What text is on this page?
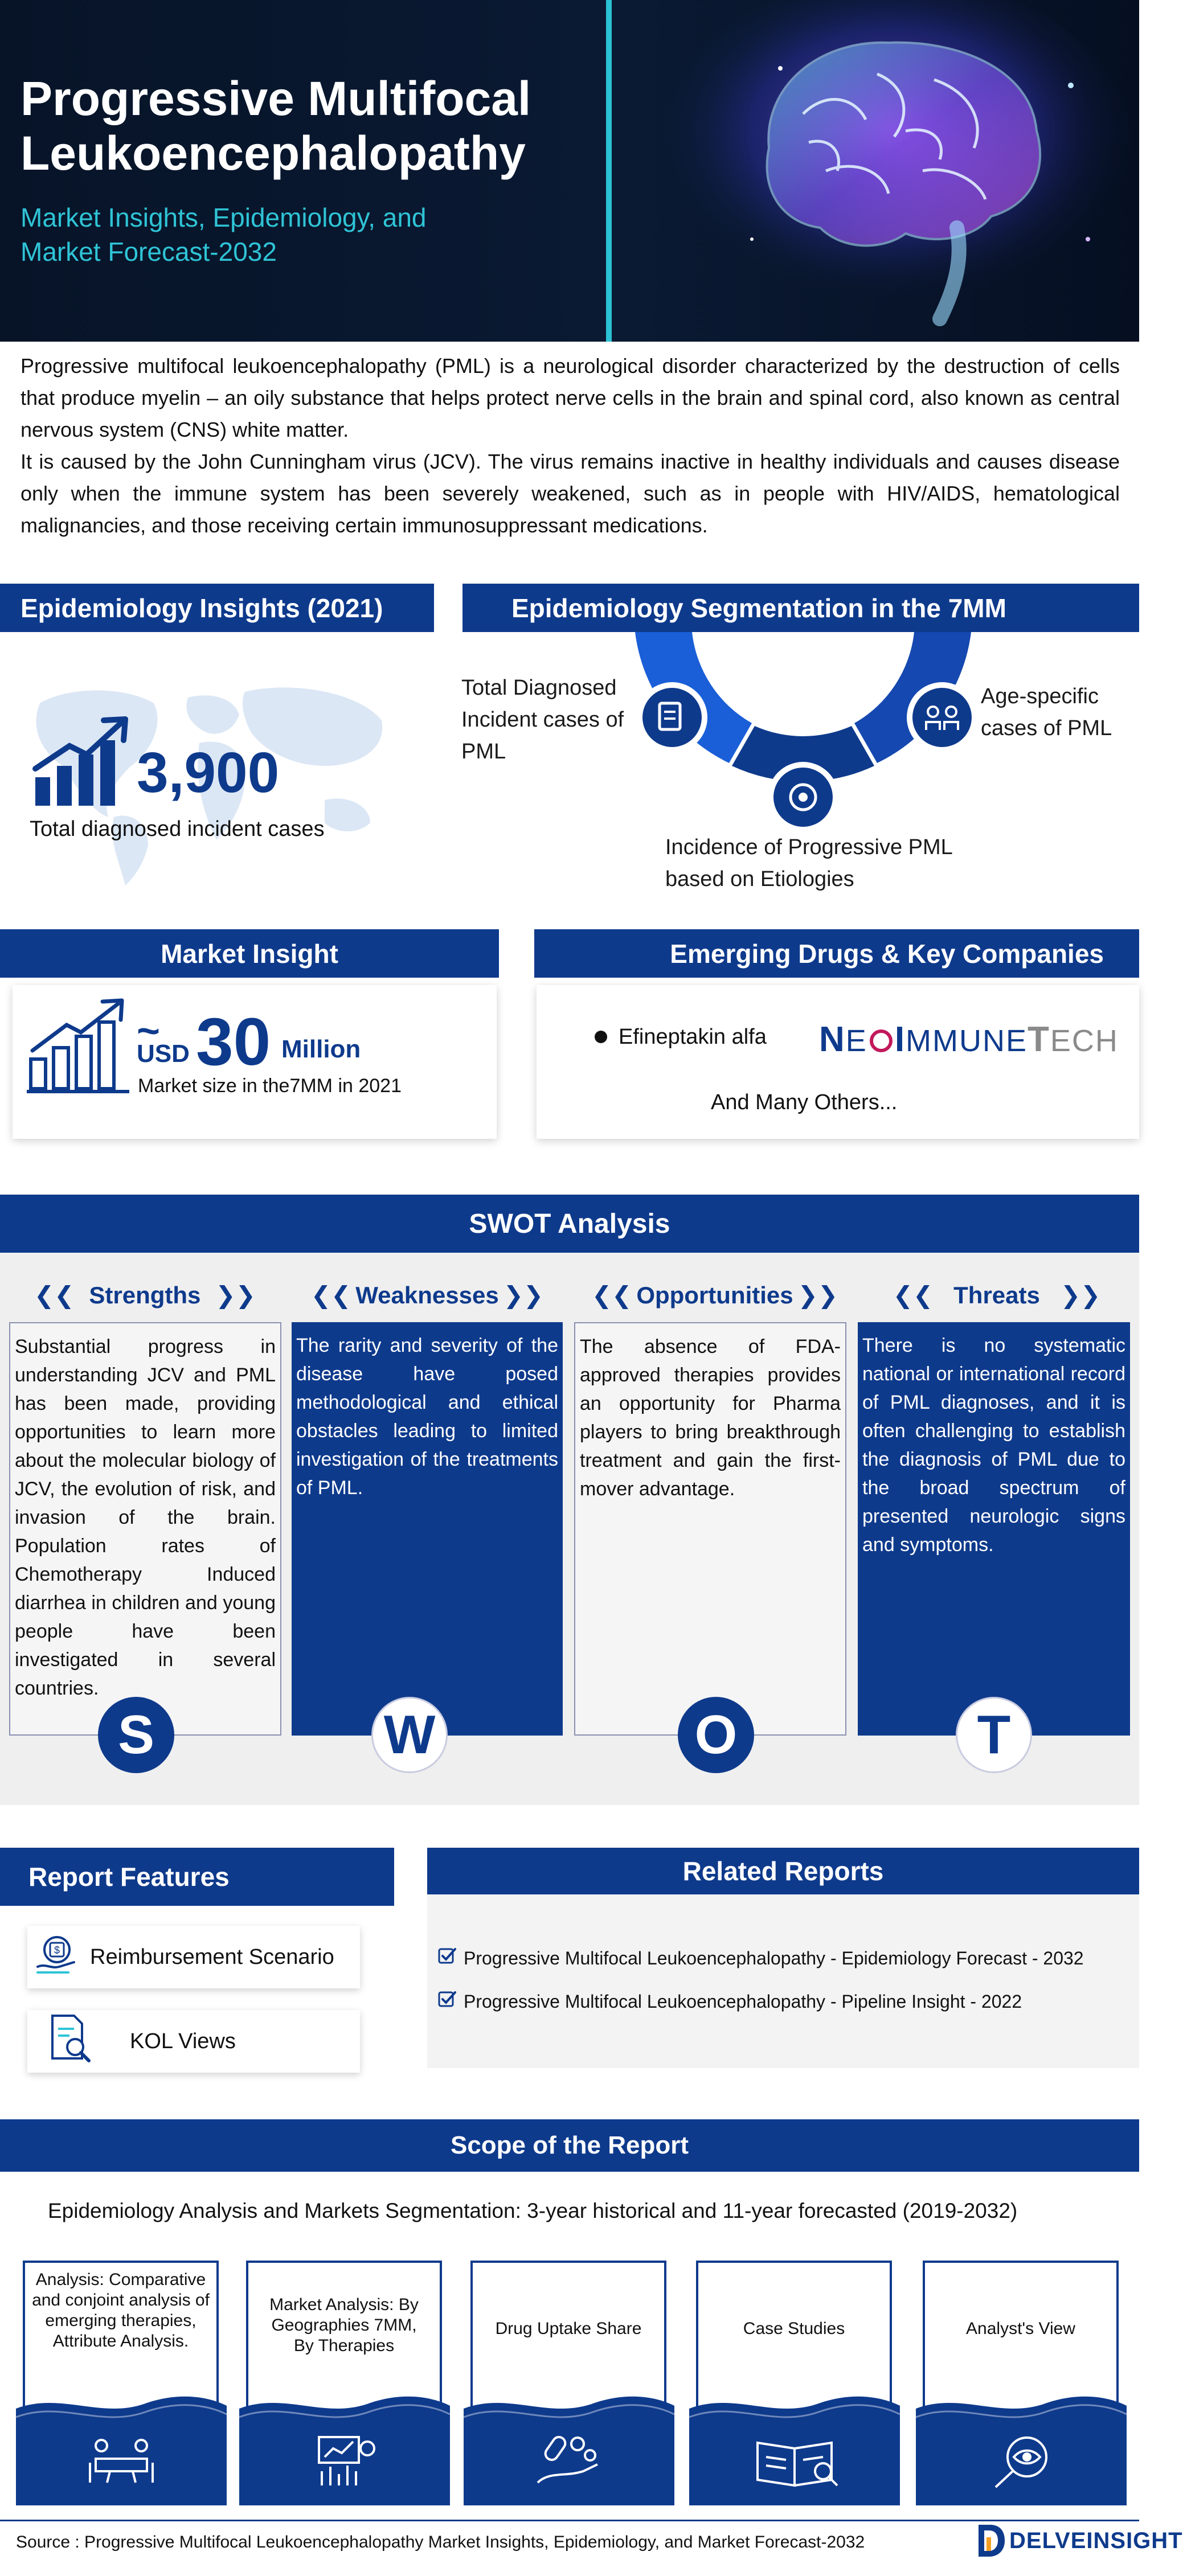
Progressive Multifocal
Leukoencephalopathy
Market Insights, Epidemiology, and
Market Forecast-2032

Progressive multifocal leukoencephalopathy (PML) is a neurological disorder characterized by the destruction of cells that produce myelin – an oily substance that helps protect nerve cells in the brain and spinal cord, also known as central nervous system (CNS) white matter.

It is caused by the John Cunningham virus (JCV). The virus remains inactive in healthy individuals and causes disease only when the immune system has been severely weakened, such as in people with HIV/AIDS, hematological malignancies, and those receiving certain immunosuppressant medications.

Epidemiology Insights (2021)
3,900
Total diagnosed incident cases
Epidemiology Segmentation in the 7MM
Total Diagnosed Incident cases of PML
Age-specific cases of PML
Incidence of Progressive PML based on Etiologies
Market Insight
~
USD 30 Million
Market size in the7MM in 2021
Emerging Drugs & Key Companies
Efineptakin alfa NE IMMUNETECH
And Many Others...
SWOT Analysis
❮❮ Strengths ❯❯ ❮❮ Weaknesses ❯❯	❮❮ Opportunities ❯❯	❮❮ Threats ❯❯
Substantial progress in understanding JCV and PML has been made, providing opportunities to learn more about the molecular biology of JCV, the evolution of risk, and invasion of the brain. Population rates of Chemotherapy Induced diarrhea in children and young people have been investigated in several countries.
The rarity and severity of the disease have posed methodological and ethical obstacles leading to limited investigation of the treatments of PML.
The absence of FDA-approved therapies provides an opportunity for Pharma players to bring breakthrough treatment and gain the first-mover advantage.
There is no systematic national or international record of PML diagnoses, and it is often challenging to establish the diagnosis of PML due to the broad spectrum of presented neurologic signs and symptoms.
S	W	O	T
Report Features
$ Reimbursement Scenario
KOL Views
Related Reports
Progressive Multifocal Leukoencephalopathy - Epidemiology Forecast - 2032
Progressive Multifocal Leukoencephalopathy - Pipeline Insight - 2022
Scope of the Report
Epidemiology Analysis and Markets Segmentation: 3-year historical and 11-year forecasted (2019-2032)
Analysis: Comparative and conjoint analysis of emerging therapies, Attribute Analysis.
Market Analysis: By Geographies 7MM, By Therapies
Drug Uptake Share	Case Studies	Analyst's View
Source : Progressive Multifocal Leukoencephalopathy Market Insights, Epidemiology, and Market Forecast-2032	DELVEINSIGHT
